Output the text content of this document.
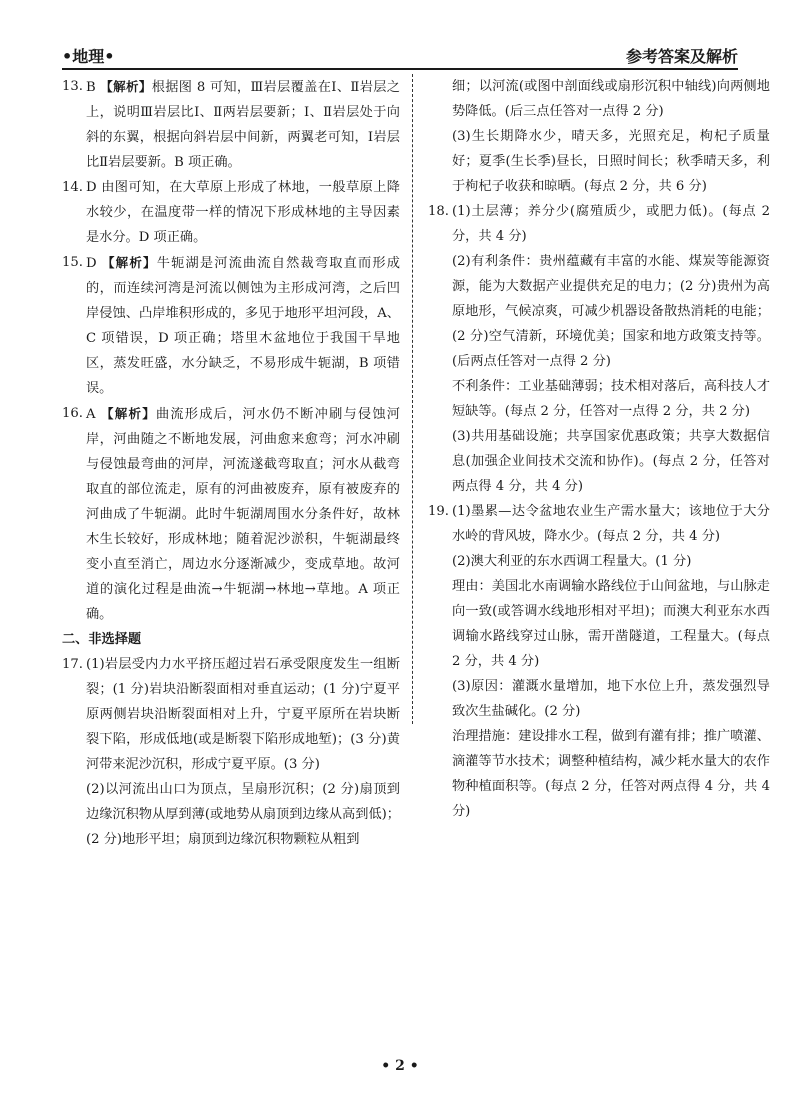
•地理•	参考答案及解析
13. B 【解析】根据图 8 可知，Ⅲ岩层覆盖在Ⅰ、Ⅱ岩层之上，说明Ⅲ岩层比Ⅰ、Ⅱ两岩层要新；Ⅰ、Ⅱ岩层处于向斜的东翼，根据向斜岩层中间新，两翼老可知，Ⅰ岩层比Ⅱ岩层要新。B 项正确。
14. D 由图可知，在大草原上形成了林地，一般草原上降水较少，在温度带一样的情况下形成林地的主导因素是水分。D 项正确。
15. D 【解析】牛轭湖是河流曲流自然裁弯取直而形成的，而连续河湾是河流以侧蚀为主形成河湾，之后凹岸侵蚀、凸岸堆积形成的，多见于地形平坦河段，A、C 项错误，D 项正确；塔里木盆地位于我国干旱地区，蒸发旺盛，水分缺乏，不易形成牛轭湖，B 项错误。
16. A 【解析】曲流形成后，河水仍不断冲刷与侵蚀河岸，河曲随之不断地发展，河曲愈来愈弯；河水冲刷与侵蚀最弯曲的河岸，河流遂截弯取直；河水从截弯取直的部位流走，原有的河曲被废弃，原有被废弃的河曲成了牛轭湖。此时牛轭湖周围水分条件好，故林木生长较好，形成林地；随着泥沙淤积，牛轭湖最终变小直至消亡，周边水分逐渐减少，变成草地。故河道的演化过程是曲流→牛轭湖→林地→草地。A 项正确。
二、非选择题
17. (1)岩层受内力水平挤压超过岩石承受限度发生一组断裂；(1 分)岩块沿断裂面相对垂直运动；(1 分)宁夏平原两侧岩块沿断裂面相对上升，宁夏平原所在岩块断裂下陷，形成低地(或是断裂下陷形成地堑)；(3 分)黄河带来泥沙沉积，形成宁夏平原。(3 分)
(2)以河流出山口为顶点，呈扇形沉积；(2 分)扇顶到边缘沉积物从厚到薄(或地势从扇顶到边缘从高到低)；(2 分)地形平坦；扇顶到边缘沉积物颗粒从粗到
细；以河流(或图中剖面线或扇形沉积中轴线)向两侧地势降低。(后三点任答对一点得 2 分)
(3)生长期降水少，晴天多，光照充足，枸杞子质量好；夏季(生长季)昼长，日照时间长；秋季晴天多，利于枸杞子收获和晾晒。(每点 2 分，共 6 分)
18. (1)土层薄；养分少(腐殖质少，或肥力低)。(每点 2 分，共 4 分)
(2)有利条件：贵州蕴藏有丰富的水能、煤炭等能源资源，能为大数据产业提供充足的电力；(2 分)贵州为高原地形，气候凉爽，可减少机器设备散热消耗的电能；(2 分)空气清新，环境优美；国家和地方政策支持等。(后两点任答对一点得 2 分)
不利条件：工业基础薄弱；技术相对落后，高科技人才短缺等。(每点 2 分，任答对一点得 2 分，共 2 分)
(3)共用基础设施；共享国家优惠政策；共享大数据信息(加强企业间技术交流和协作)。(每点 2 分，任答对两点得 4 分，共 4 分)
19. (1)墨累—达令盆地农业生产需水量大；该地位于大分水岭的背风坡，降水少。(每点 2 分，共 4 分)
(2)澳大利亚的东水西调工程量大。(1 分)
理由：美国北水南调输水路线位于山间盆地，与山脉走向一致(或答调水线地形相对平坦)；而澳大利亚东水西调输水路线穿过山脉，需开凿隧道，工程量大。(每点 2 分，共 4 分)
(3)原因：灌溉水量增加，地下水位上升，蒸发强烈导致次生盐碱化。(2 分)
治理措施：建设排水工程，做到有灌有排；推广喷灌、滴灌等节水技术；调整种植结构，减少耗水量大的农作物种植面积等。(每点 2 分，任答对两点得 4 分，共 4 分)
• 2 •
